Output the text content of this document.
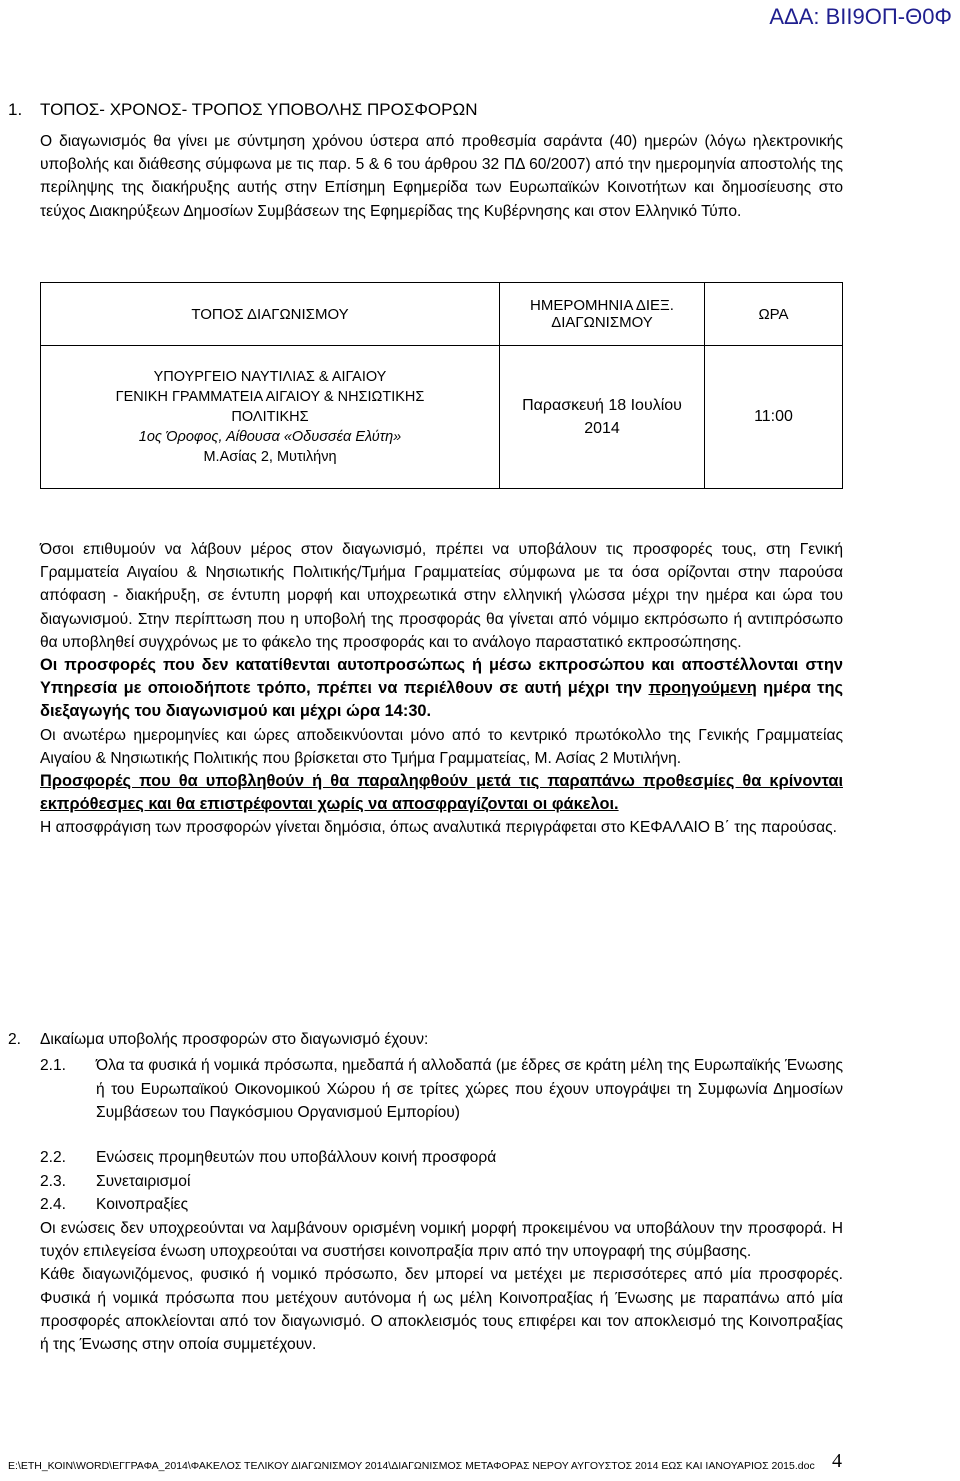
ΑΔΑ: ΒΙΙ9ΟΠ-Θ0Φ
1. ΤΟΠΟΣ- ΧΡΟΝΟΣ- ΤΡΟΠΟΣ ΥΠΟΒΟΛΗΣ ΠΡΟΣΦΟΡΩΝ

Ο διαγωνισμός θα γίνει με σύντμηση χρόνου ύστερα από προθεσμία σαράντα (40) ημερών (λόγω ηλεκτρονικής υποβολής και διάθεσης σύμφωνα με τις παρ. 5 & 6 του άρθρου 32 ΠΔ 60/2007) από την ημερομηνία αποστολής της περίληψης της διακήρυξης αυτής στην Επίσημη Εφημερίδα των Ευρωπαϊκών Κοινοτήτων και δημοσίευσης στο τεύχος Διακηρύξεων Δημοσίων Συμβάσεων της Εφημερίδας της Κυβέρνησης και στον Ελληνικό Τύπο.

ΤΟΠΟΣ ΔΙΑΓΩΝΙΣΜΟΥ	ΗΜΕΡΟΜΗΝΙΑ ΔΙΕΞ. ΔΙΑΓΩΝΙΣΜΟΥ	ΩΡΑ

ΥΠΟΥΡΓΕΙΟ ΝΑΥΤΙΛΙΑΣ & ΑΙΓΑΙΟΥ
ΓΕΝΙΚΗ ΓΡΑΜΜΑΤΕΙΑ ΑΙΓΑΙΟΥ & ΝΗΣΙΩΤΙΚΗΣ ΠΟΛΙΤΙΚΗΣ
1ος Όροφος, Αίθουσα «Οδυσσέα Ελύτη»
Μ.Ασίας 2, Μυτιλήνη	Παρασκευή 18 Ιουλίου 2014	11:00

Όσοι επιθυμούν να λάβουν μέρος στον διαγωνισμό, πρέπει να υποβάλουν τις προσφορές τους, στη Γενική Γραμματεία Αιγαίου & Νησιωτικής Πολιτικής/Τμήμα Γραμματείας σύμφωνα με τα όσα ορίζονται στην παρούσα απόφαση - διακήρυξη, σε έντυπη μορφή και υποχρεωτικά στην ελληνική γλώσσα μέχρι την ημέρα και ώρα του διαγωνισμού. Στην περίπτωση που η υποβολή της προσφοράς θα γίνεται από νόμιμο εκπρόσωπο ή αντιπρόσωπο θα υποβληθεί συγχρόνως με το φάκελο της προσφοράς και το ανάλογο παραστατικό εκπροσώπησης.

Οι προσφορές που δεν κατατίθενται αυτοπροσώπως ή μέσω εκπροσώπου και αποστέλλονται στην Υπηρεσία με οποιοδήποτε τρόπο, πρέπει να περιέλθουν σε αυτή μέχρι την προηγούμενη ημέρα της διεξαγωγής του διαγωνισμού και μέχρι ώρα 14:30.

Οι ανωτέρω ημερομηνίες και ώρες αποδεικνύονται μόνο από το κεντρικό πρωτόκολλο της Γενικής Γραμματείας Αιγαίου & Νησιωτικής Πολιτικής που βρίσκεται στο Τμήμα Γραμματείας, Μ. Ασίας 2 Μυτιλήνη.

Προσφορές που θα υποβληθούν ή θα παραληφθούν μετά τις παραπάνω προθεσμίες θα κρίνονται εκπρόθεσμες και θα επιστρέφονται χωρίς να αποσφραγίζονται οι φάκελοι.

Η αποσφράγιση των προσφορών γίνεται δημόσια, όπως αναλυτικά περιγράφεται στο ΚΕΦΑΛΑΙΟ Β΄ της παρούσας.

2. Δικαίωμα υποβολής προσφορών στο διαγωνισμό έχουν:
2.1. Όλα τα φυσικά ή νομικά πρόσωπα, ημεδαπά ή αλλοδαπά (με έδρες σε κράτη μέλη της Ευρωπαϊκής Ένωσης ή του Ευρωπαϊκού Οικονομικού Χώρου ή σε τρίτες χώρες που έχουν υπογράψει τη Συμφωνία Δημοσίων Συμβάσεων του Παγκόσμιου Οργανισμού Εμπορίου)
2.2. Ενώσεις προμηθευτών που υποβάλλουν κοινή προσφορά
2.3. Συνεταιρισμοί
2.4. Κοινοπραξίες

Οι ενώσεις δεν υποχρεούνται να λαμβάνουν ορισμένη νομική μορφή προκειμένου να υποβάλουν την προσφορά. Η τυχόν επιλεγείσα ένωση υποχρεούται να συστήσει κοινοπραξία πριν από την υπογραφή της σύμβασης.

Κάθε διαγωνιζόμενος, φυσικό ή νομικό πρόσωπο, δεν μπορεί να μετέχει με περισσότερες από μία προσφορές. Φυσικά ή νομικά πρόσωπα που μετέχουν αυτόνομα ή ως μέλη Κοινοπραξίας ή Ένωσης με παραπάνω από μία προσφορές αποκλείονται από τον διαγωνισμό. Ο αποκλεισμός τους επιφέρει και τον αποκλεισμό της Κοινοπραξίας ή της Ένωσης στην οποία συμμετέχουν.

E:\ΕΤΗ_ΚΟΙΝ\WORD\ΕΓΓΡΑΦΑ_2014\ΦΑΚΕΛΟΣ ΤΕΛΙΚΟΥ ΔΙΑΓΩΝΙΣΜΟΥ 2014\ΔΙΑΓΩΝΙΣΜΟΣ ΜΕΤΑΦΟΡΑΣ ΝΕΡΟΥ ΑΥΓΟΥΣΤΟΣ 2014 ΕΩΣ ΚΑΙ ΙΑΝΟΥΑΡΙΟΣ 2015.doc 4
